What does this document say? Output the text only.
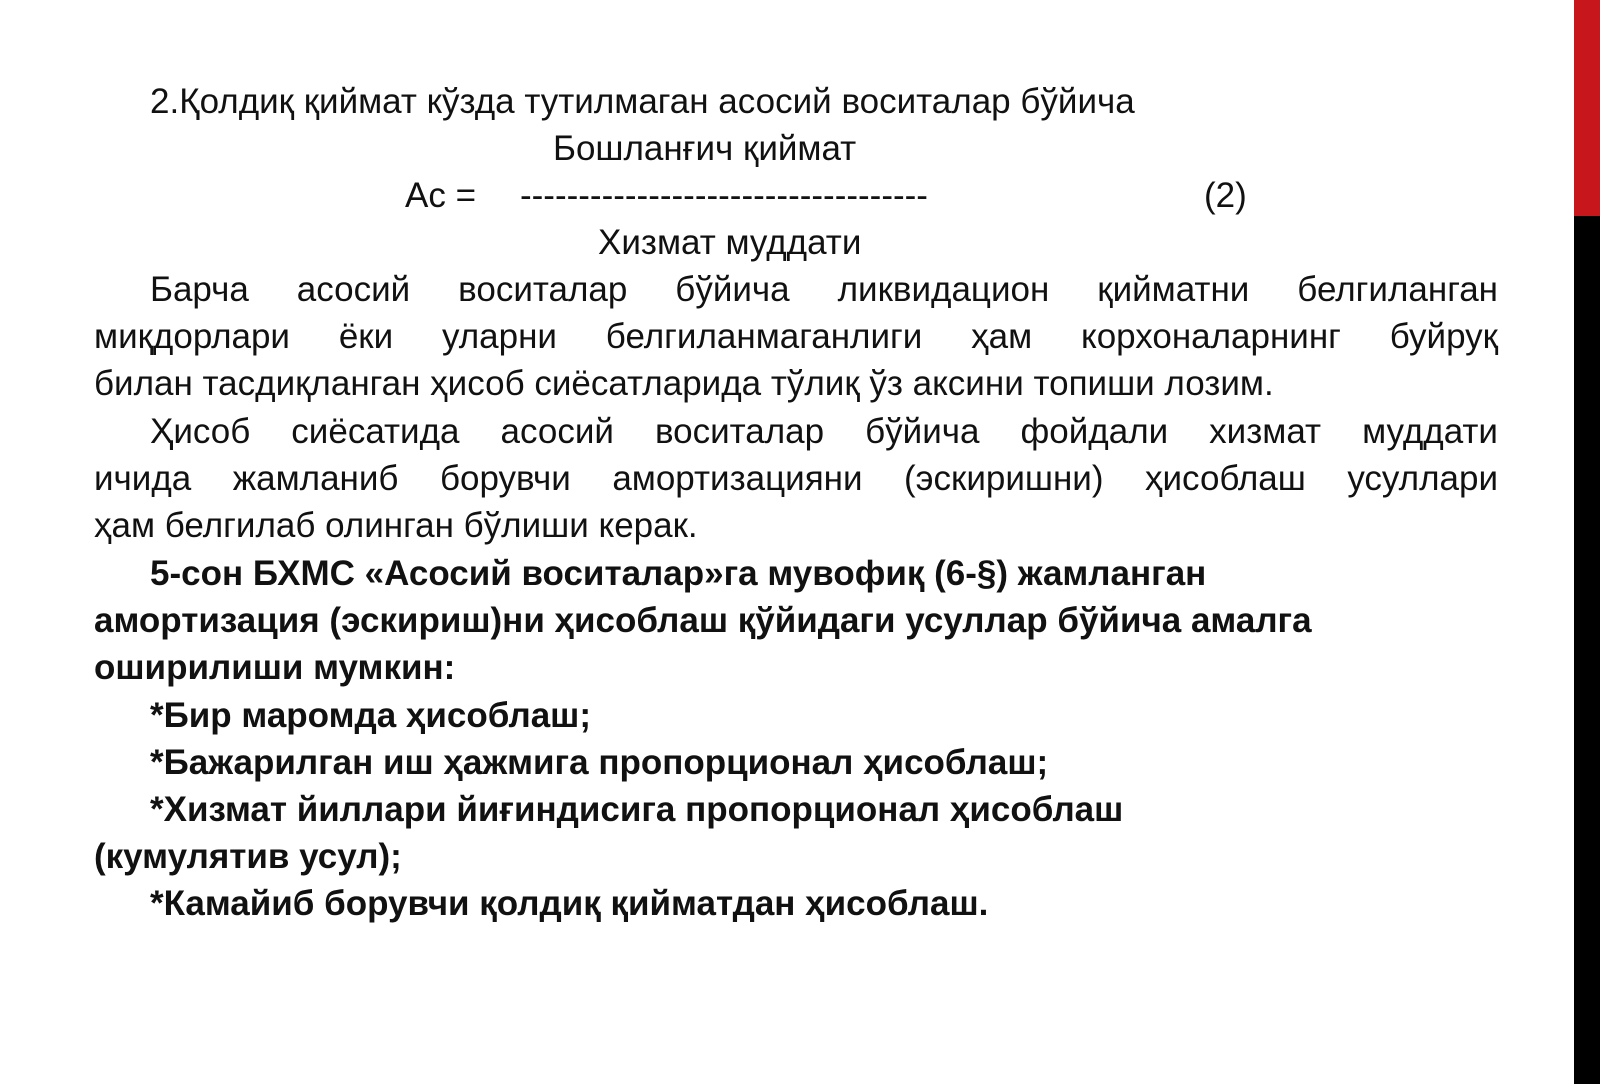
2.Қолдиқ қиймат кўзда тутилмаган асосий воситалар бўйича
Бошланғич қиймат
Ас = -----------------------------------	(2)
Хизмат муддати
Барча асосий воситалар бўйича ликвидацион қийматни белгиланган
миқдорлари ёки уларни белгиланмаганлиги ҳам корхоналарнинг буйруқ
билан тасдиқланган ҳисоб сиёсатларида тўлиқ ўз аксини топиши лозим.
Ҳисоб сиёсатида асосий воситалар бўйича фойдали хизмат муддати
ичида жамланиб борувчи амортизацияни (эскиришни) ҳисоблаш усуллари
ҳам белгилаб олинган бўлиши керак.
5-сон БХМС «Асосий воситалар»га мувофиқ (6-§) жамланган
амортизация (эскириш)ни ҳисоблаш қўйидаги усуллар бўйича амалга
оширилиши мумкин:
*Бир маромда ҳисоблаш;
*Бажарилган иш ҳажмига пропорционал ҳисоблаш;
*Хизмат йиллари йиғиндисига пропорционал ҳисоблаш
(кумулятив усул);
*Камайиб борувчи қолдиқ қийматдан ҳисоблаш.
